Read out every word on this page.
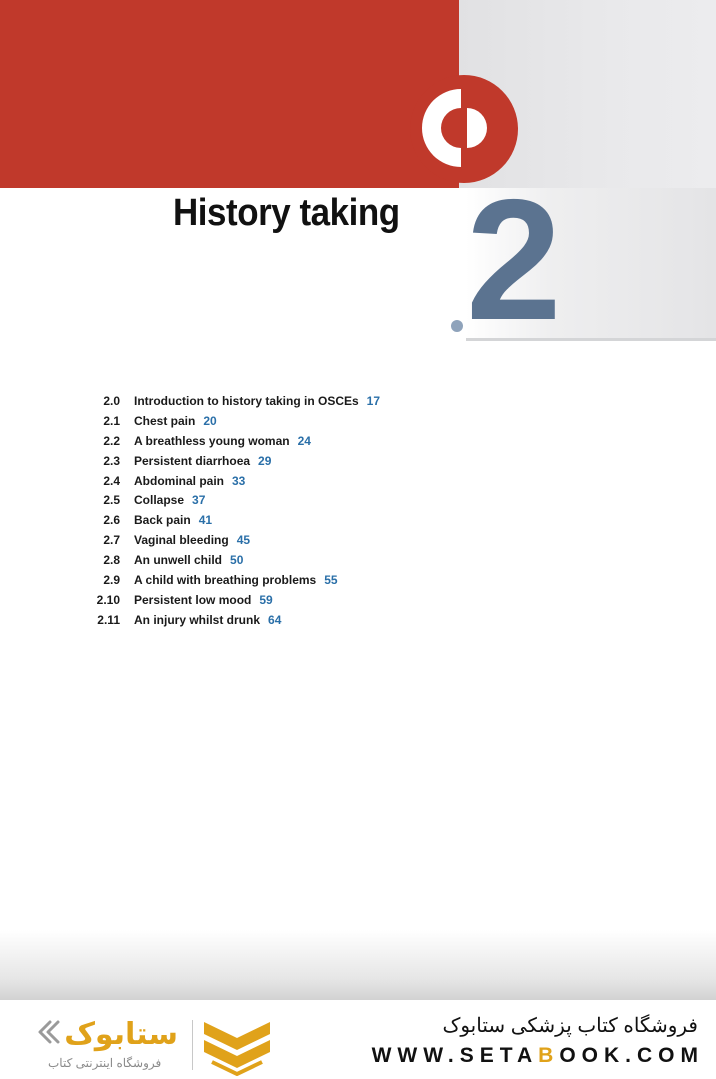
History taking 2
2.0 Introduction to history taking in OSCEs 17
2.1 Chest pain 20
2.2 A breathless young woman 24
2.3 Persistent diarrhoea 29
2.4 Abdominal pain 33
2.5 Collapse 37
2.6 Back pain 41
2.7 Vaginal bleeding 45
2.8 An unwell child 50
2.9 A child with breathing problems 55
2.10 Persistent low mood 59
2.11 An injury whilst drunk 64
ستابوک
فروشگاه اینترنتی کتاب
فروشگاه کتاب پزشکی ستابوک
WWW.SETABOOK.COM
